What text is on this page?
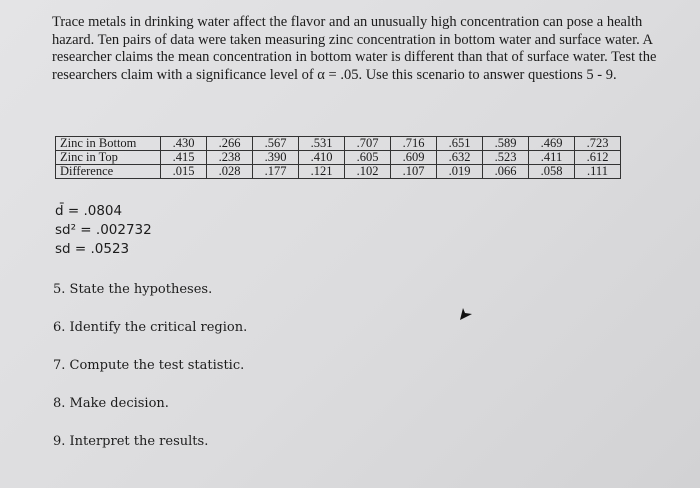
Trace metals in drinking water affect the flavor and an unusually high concentration can pose a health hazard. Ten pairs of data were taken measuring zinc concentration in bottom water and surface water. A researcher claims the mean concentration in bottom water is different than that of surface water. Test the researchers claim with a significance level of α = .05. Use this scenario to answer questions 5 - 9.

Zinc in Bottom	.430	.266	.567	.531	.707	.716	.651	.589	.469	.723
Zinc in Top	.415	.238	.390	.410	.605	.609	.632	.523	.411	.612
Difference	.015	.028	.177	.121	.102	.107	.019	.066	.058	.111
d̄ = .0804
sd² = .002732
sd = .0523
5. State the hypotheses.
6. Identify the critical region.
7. Compute the test statistic.
8. Make decision.
9. Interpret the results.
